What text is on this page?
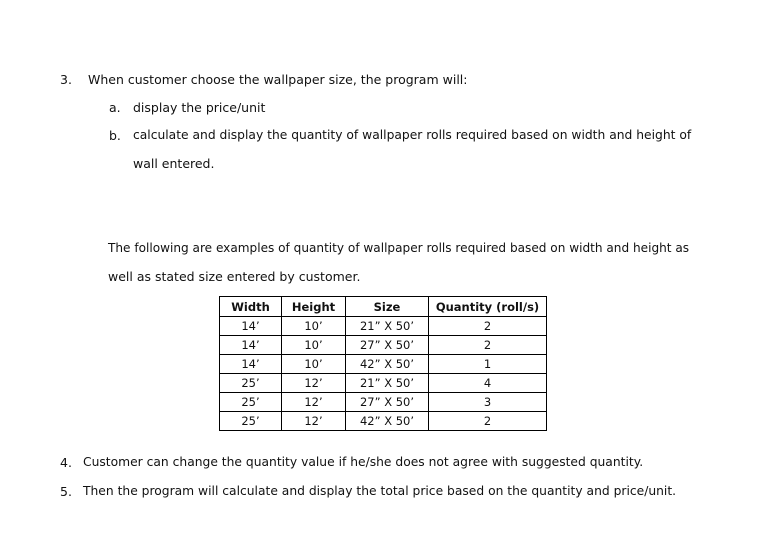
3. When customer choose the wallpaper size, the program will:
a. display the price/unit
b. calculate and display the quantity of wallpaper rolls required based on width and height of
wall entered.
The following are examples of quantity of wallpaper rolls required based on width and height as
well as stated size entered by customer.
Width	Height	Size	Quantity (roll/s)
14’	10’	21” X 50’	2
14’	10’	27” X 50’	2
14’	10’	42” X 50’	1
25’	12’	21” X 50’	4
25’	12’	27” X 50’	3
25’	12’	42” X 50’	2
4. Customer can change the quantity value if he/she does not agree with suggested quantity.
5. Then the program will calculate and display the total price based on the quantity and price/unit.
